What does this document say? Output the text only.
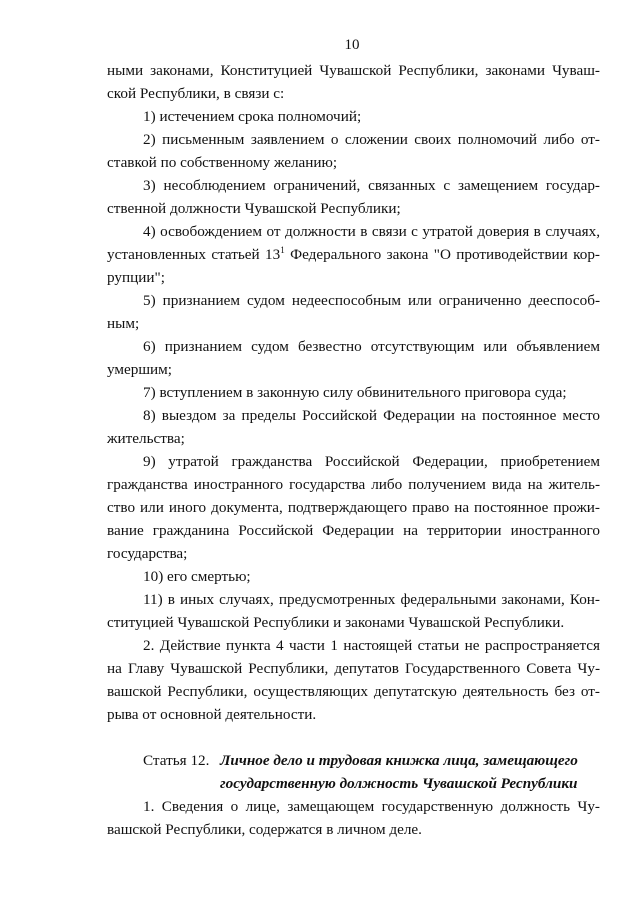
10
ными законами, Конституцией Чувашской Республики, законами Чуваш-
ской Республики, в связи с:
1) истечением срока полномочий;
2) письменным заявлением о сложении своих полномочий либо от-
ставкой по собственному желанию;
3) несоблюдением ограничений, связанных с замещением государ-
ственной должности Чувашской Республики;
4) освобождением от должности в связи с утратой доверия в случаях,
установленных статьей $13^1$ Федерального закона "О противодействии кор-
рупции";
5) признанием судом недееспособным или ограниченно дееспособ-
ным;
6) признанием судом безвестно отсутствующим или объявлением
умершим;
7) вступлением в законную силу обвинительного приговора суда;
8) выездом за пределы Российской Федерации на постоянное место
жительства;
9) утратой гражданства Российской Федерации, приобретением
гражданства иностранного государства либо получением вида на житель-
ство или иного документа, подтверждающего право на постоянное прожи-
вание гражданина Российской Федерации на территории иностранного
государства;
10) его смертью;
11) в иных случаях, предусмотренных федеральными законами, Кон-
ституцией Чувашской Республики и законами Чувашской Республики.
2. Действие пункта 4 части 1 настоящей статьи не распространяется
на Главу Чувашской Республики, депутатов Государственного Совета Чу-
вашской Республики, осуществляющих депутатскую деятельность без от-
рыва от основной деятельности.
Статья 12. Личное дело и трудовая книжка лица, замещающего
государственную должность Чувашской Республики
1. Сведения о лице, замещающем государственную должность Чу-
вашской Республики, содержатся в личном деле.
